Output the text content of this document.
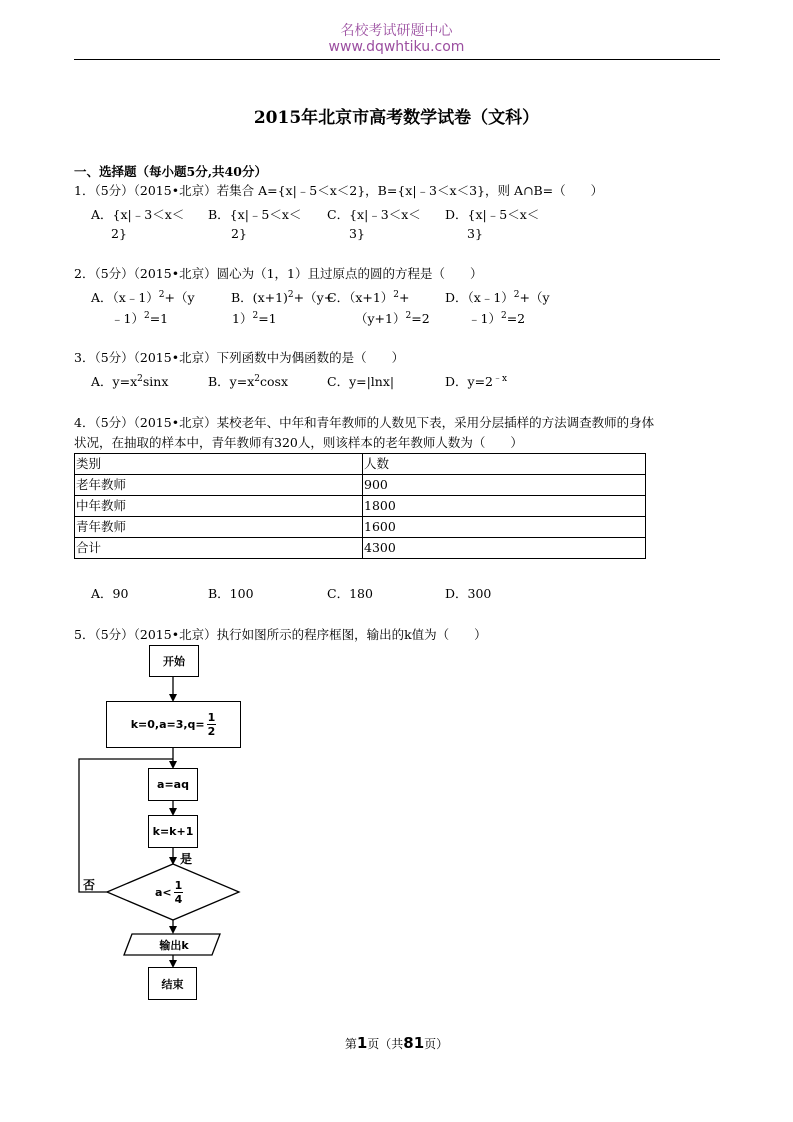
名校考试研题中心
www.dqwhtiku.com
2015年北京市高考数学试卷（文科）
一、选择题（每小题5分,共40分）
1．（5分）（2015•北京）若集合 A={x|﹣5＜x＜2}，B={x|﹣3＜x＜3}，则 A∩B=（　　）
A．{x|﹣3＜x＜
2}
B．{x|﹣5＜x＜
2}
C．{x|﹣3＜x＜
3}
D．{x|﹣5＜x＜
3}
2．（5分）（2015•北京）圆心为（1，1）且过原点的圆的方程是（　　）
A．（x﹣1）$^2$+（y
﹣1）$^2$=1
B．$(x+1)^2+(y+$
1）$^2$=1
C．$(x+1)^2+$
$(y+1)^2=2$
D．（x﹣1）$^2$+（y
﹣1）$^2$=2
3．（5分）（2015•北京）下列函数中为偶函数的是（　　）
A．$y=x^2\sin x$	B．$y=x^2\cos x$	C．y=|lnx|	D．$y=2^{﹣x}$
4．（5分）（2015•北京）某校老年、中年和青年教师的人数见下表，采用分层插样的方法调查教师的身体
状况，在抽取的样本中，青年教师有320人，则该样本的老年教师人数为（　　）
类别	人数
老年教师	900
中年教师	1800
青年教师	1600
合计	4300
A．90	B．100	C．180	D．300
5．（5分）（2015•北京）执行如图所示的程序框图，输出的k值为（　　）
开始
$k=0,a=3,q= \frac{1}{2}$
a=aq
k=k+1
$a< \frac{1}{4}$
是
否
输出k
结束
第1页（共81页）
